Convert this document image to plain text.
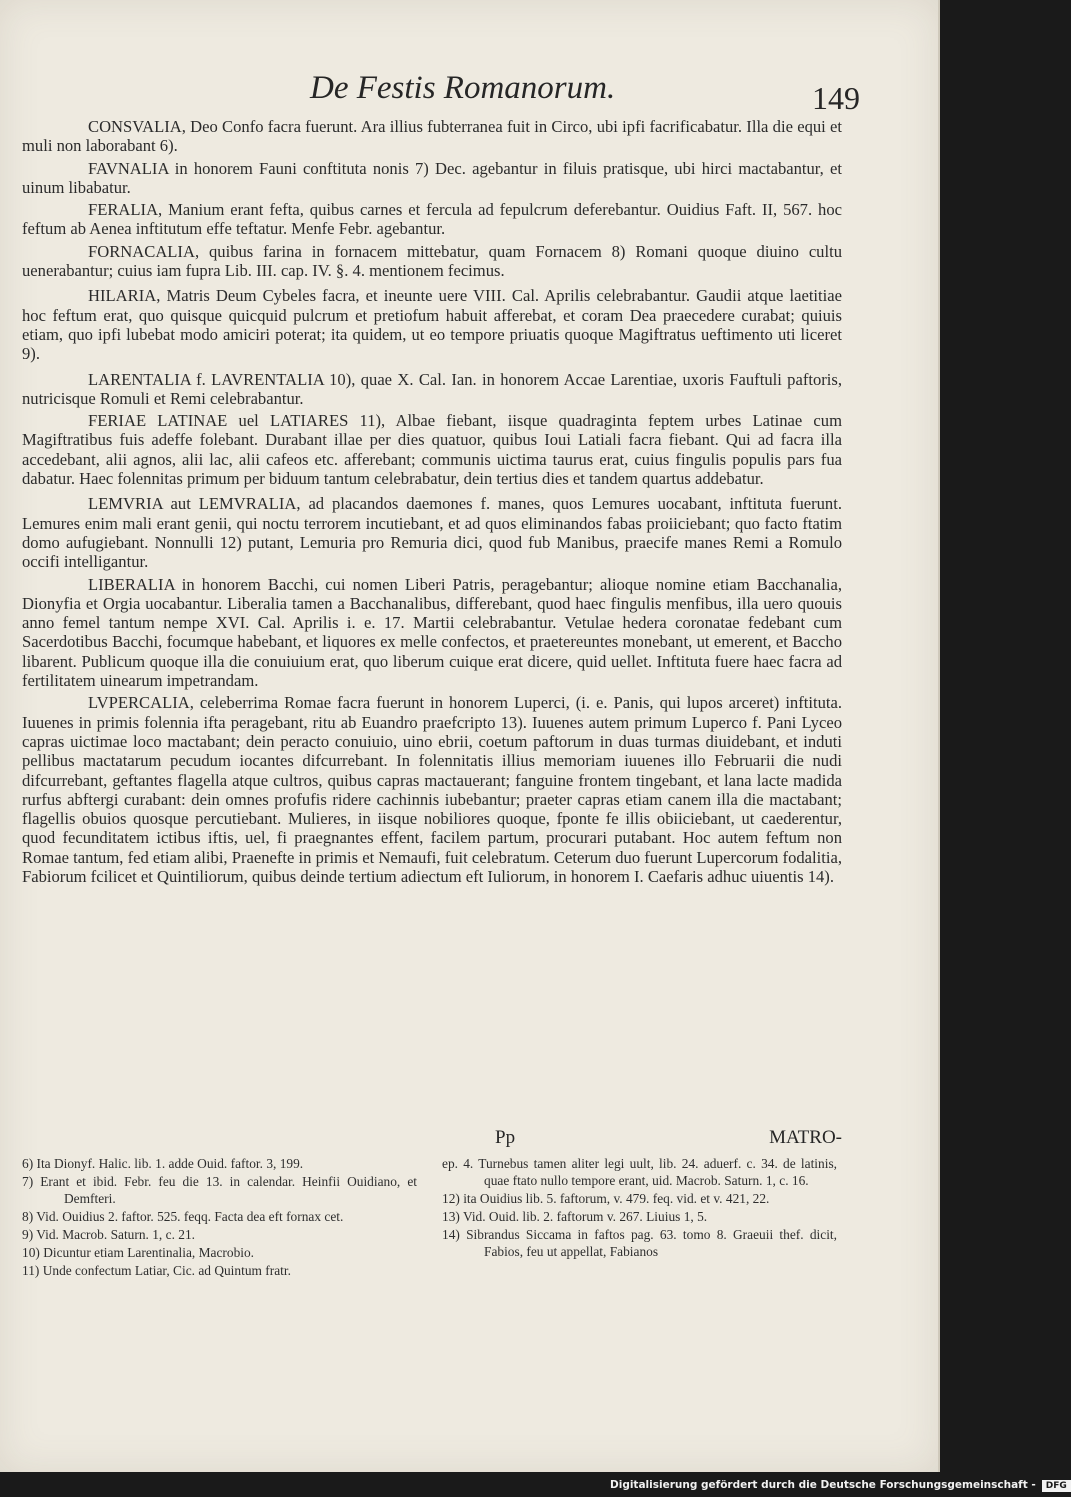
De Festis Romanorum.	149

CONSVALIA, Deo Confo facra fuerunt. Ara illius fubterranea fuit in Circo, ubi ipfi facrificabatur. Illa die equi et muli non laborabant 6).

FAVNALIA in honorem Fauni conftituta nonis 7) Dec. agebantur in filuis pratisque, ubi hirci mactabantur, et uinum libabatur.

FERALIA, Manium erant fefta, quibus carnes et fercula ad fepulcrum deferebantur. Ouidius Faft. II, 567. hoc feftum ab Aenea inftitutum effe teftatur. Menfe Febr. agebantur.

FORNACALIA, quibus farina in fornacem mittebatur, quam Fornacem 8) Romani quoque diuino cultu uenerabantur; cuius iam fupra Lib. III. cap. IV. §. 4. mentionem fecimus.

HILARIA, Matris Deum Cybeles facra, et ineunte uere VIII. Cal. Aprilis celebrabantur. Gaudii atque laetitiae hoc feftum erat, quo quisque quicquid pulcrum et pretiofum habuit afferebat, et coram Dea praecedere curabat; quiuis etiam, quo ipfi lubebat modo amiciri poterat; ita quidem, ut eo tempore priuatis quoque Magiftratus ueftimento uti liceret 9).

LARENTALIA f. LAVRENTALIA 10), quae X. Cal. Ian. in honorem Accae Larentiae, uxoris Fauftuli paftoris, nutricisque Romuli et Remi celebrabantur.

FERIAE LATINAE uel LATIARES 11), Albae fiebant, iisque quadraginta feptem urbes Latinae cum Magiftratibus fuis adeffe folebant. Durabant illae per dies quatuor, quibus Ioui Latiali facra fiebant. Qui ad facra illa accedebant, alii agnos, alii lac, alii cafeos etc. afferebant; communis uictima taurus erat, cuius fingulis populis pars fua dabatur. Haec folennitas primum per biduum tantum celebrabatur, dein tertius dies et tandem quartus addebatur.

LEMVRIA aut LEMVRALIA, ad placandos daemones f. manes, quos Lemures uocabant, inftituta fuerunt. Lemures enim mali erant genii, qui noctu terrorem incutiebant, et ad quos eliminandos fabas proiiciebant; quo facto ftatim domo aufugiebant. Nonnulli 12) putant, Lemuria pro Remuria dici, quod fub Manibus, praecife manes Remi a Romulo occifi intelligantur.

LIBERALIA in honorem Bacchi, cui nomen Liberi Patris, peragebantur; alioque nomine etiam Bacchanalia, Dionyfia et Orgia uocabantur. Liberalia tamen a Bacchanalibus, differebant, quod haec fingulis menfibus, illa uero quouis anno femel tantum nempe XVI. Cal. Aprilis i. e. 17. Martii celebrabantur. Vetulae hedera coronatae fedebant cum Sacerdotibus Bacchi, focumque habebant, et liquores ex melle confectos, et praetereuntes monebant, ut emerent, et Baccho libarent. Publicum quoque illa die conuiuium erat, quo liberum cuique erat dicere, quid uellet. Inftituta fuere haec facra ad fertilitatem uinearum impetrandam.

LVPERCALIA, celeberrima Romae facra fuerunt in honorem Luperci, (i. e. Panis, qui lupos arceret) inftituta. Iuuenes in primis folennia ifta peragebant, ritu ab Euandro praefcripto 13). Iuuenes autem primum Luperco f. Pani Lyceo capras uictimae loco mactabant; dein peracto conuiuio, uino ebrii, coetum paftorum in duas turmas diuidebant, et induti pellibus mactatarum pecudum iocantes difcurrebant. In folennitatis illius memoriam iuuenes illo Februarii die nudi difcurrebant, geftantes flagella atque cultros, quibus capras mactauerant; fanguine frontem tingebant, et lana lacte madida rurfus abftergi curabant: dein omnes profufis ridere cachinnis iubebantur; praeter capras etiam canem illa die mactabant; flagellis obuios quosque percutiebant. Mulieres, in iisque nobiliores quoque, fponte fe illis obiiciebant, ut caederentur, quod fecunditatem ictibus iftis, uel, fi praegnantes effent, facilem partum, procurari putabant. Hoc autem feftum non Romae tantum, fed etiam alibi, Praenefte in primis et Nemaufi, fuit celebratum. Ceterum duo fuerunt Lupercorum fodalitia, Fabiorum fcilicet et Quintiliorum, quibus deinde tertium adiectum eft Iuliorum, in honorem I. Caefaris adhuc uiuentis 14).

Pp	MATRO-

6) Ita Dionyf. Halic. lib. 1. adde Ouid. faftor. 3, 199.

7) Erant et ibid. Febr. feu die 13. in calendar. Heinfii Ouidiano, et Demfteri.

8) Vid. Ouidius 2. faftor. 525. feqq. Facta dea eft fornax cet.

9) Vid. Macrob. Saturn. 1, c. 21.

10) Dicuntur etiam Larentinalia, Macrobio.

11) Unde confectum Latiar, Cic. ad Quintum fratr.

ep. 4. Turnebus tamen aliter legi uult, lib. 24. aduerf. c. 34. de latinis, quae ftato nullo tempore erant, uid. Macrob. Saturn. 1, c. 16.

12) ita Ouidius lib. 5. faftorum, v. 479. feq. vid. et v. 421, 22.

13) Vid. Ouid. lib. 2. faftorum v. 267. Liuius 1, 5.

14) Sibrandus Siccama in faftos pag. 63. tomo 8. Graeuii thef. dicit, Fabios, feu ut appellat, Fabianos

Digitalisierung gefördert durch die Deutsche Forschungsgemeinschaft - DFG
